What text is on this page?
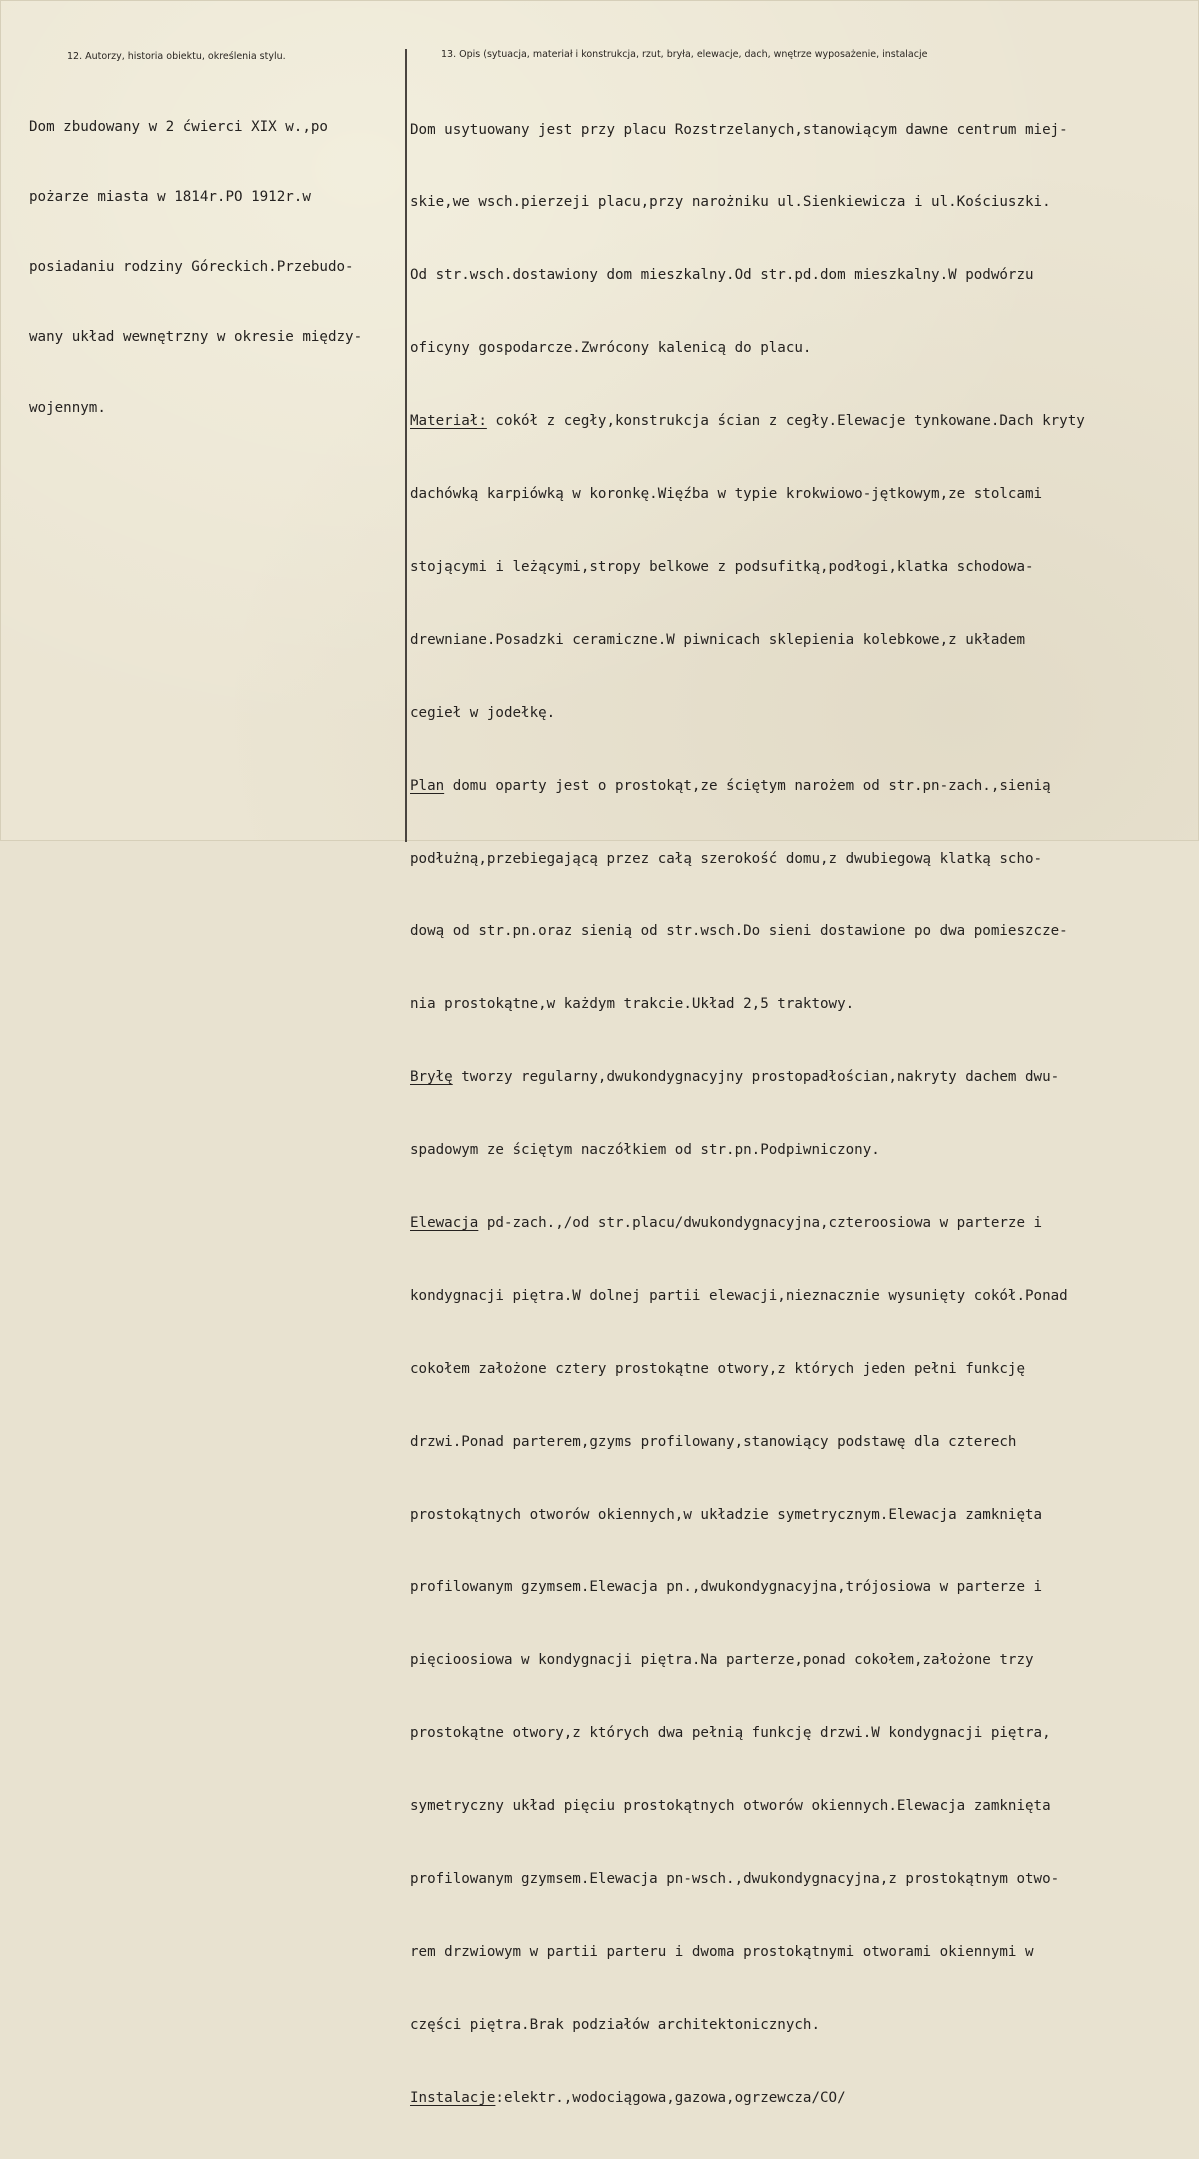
12. Autorzy, historia obiektu, określenia stylu.	13. Opis (sytuacja, materiał i konstrukcja, rzut, bryła, elewacje, dach, wnętrze wyposażenie, instalacje

Dom zbudowany w 2 ćwierci XIX w.,po

pożarze miasta w 1814r.PO 1912r.w

posiadaniu rodziny Góreckich.Przebudo-

wany układ wewnętrzny w okresie między-

wojennym.

Dom usytuowany jest przy placu Rozstrzelanych,stanowiącym dawne centrum miej-

skie,we wsch.pierzeji placu,przy narożniku ul.Sienkiewicza i ul.Kościuszki.

Od str.wsch.dostawiony dom mieszkalny.Od str.pd.dom mieszkalny.W podwórzu

oficyny gospodarcze.Zwrócony kalenicą do placu.

Materiał: cokół z cegły,konstrukcja ścian z cegły.Elewacje tynkowane.Dach kryty

dachówką karpiówką w koronkę.Więźba w typie krokwiowo-jętkowym,ze stolcami

stojącymi i leżącymi,stropy belkowe z podsufitką,podłogi,klatka schodowa-

drewniane.Posadzki ceramiczne.W piwnicach sklepienia kolebkowe,z układem

cegieł w jodełkę.

Plan domu oparty jest o prostokąt,ze ściętym narożem od str.pn-zach.,sienią

podłużną,przebiegającą przez całą szerokość domu,z dwubiegową klatką scho-

dową od str.pn.oraz sienią od str.wsch.Do sieni dostawione po dwa pomieszcze-

nia prostokątne,w każdym trakcie.Układ 2,5 traktowy.

Bryłę tworzy regularny,dwukondygnacyjny prostopadłościan,nakryty dachem dwu-

spadowym ze ściętym naczółkiem od str.pn.Podpiwniczony.

Elewacja pd-zach.,/od str.placu/dwukondygnacyjna,czteroosiowa w parterze i

kondygnacji piętra.W dolnej partii elewacji,nieznacznie wysunięty cokół.Ponad

cokołem założone cztery prostokątne otwory,z których jeden pełni funkcję

drzwi.Ponad parterem,gzyms profilowany,stanowiący podstawę dla czterech

prostokątnych otworów okiennych,w układzie symetrycznym.Elewacja zamknięta

profilowanym gzymsem.Elewacja pn.,dwukondygnacyjna,trójosiowa w parterze i

pięcioosiowa w kondygnacji piętra.Na parterze,ponad cokołem,założone trzy

prostokątne otwory,z których dwa pełnią funkcję drzwi.W kondygnacji piętra,

symetryczny układ pięciu prostokątnych otworów okiennych.Elewacja zamknięta

profilowanym gzymsem.Elewacja pn-wsch.,dwukondygnacyjna,z prostokątnym otwo-

rem drzwiowym w partii parteru i dwoma prostokątnymi otworami okiennymi w

części piętra.Brak podziałów architektonicznych.

Instalacje:elektr.,wodociągowa,gazowa,ogrzewcza/CO/
